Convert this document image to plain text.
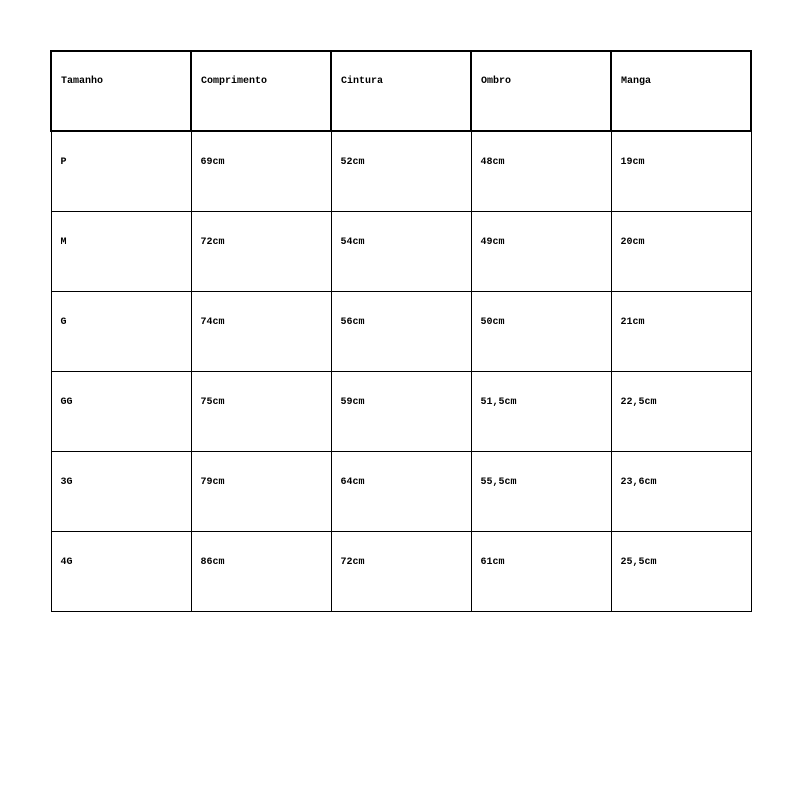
Tamanho	Comprimento	Cintura	Ombro	Manga
P	69cm	52cm	48cm	19cm
M	72cm	54cm	49cm	20cm
G	74cm	56cm	50cm	21cm
GG	75cm	59cm	51,5cm	22,5cm
3G	79cm	64cm	55,5cm	23,6cm
4G	86cm	72cm	61cm	25,5cm
